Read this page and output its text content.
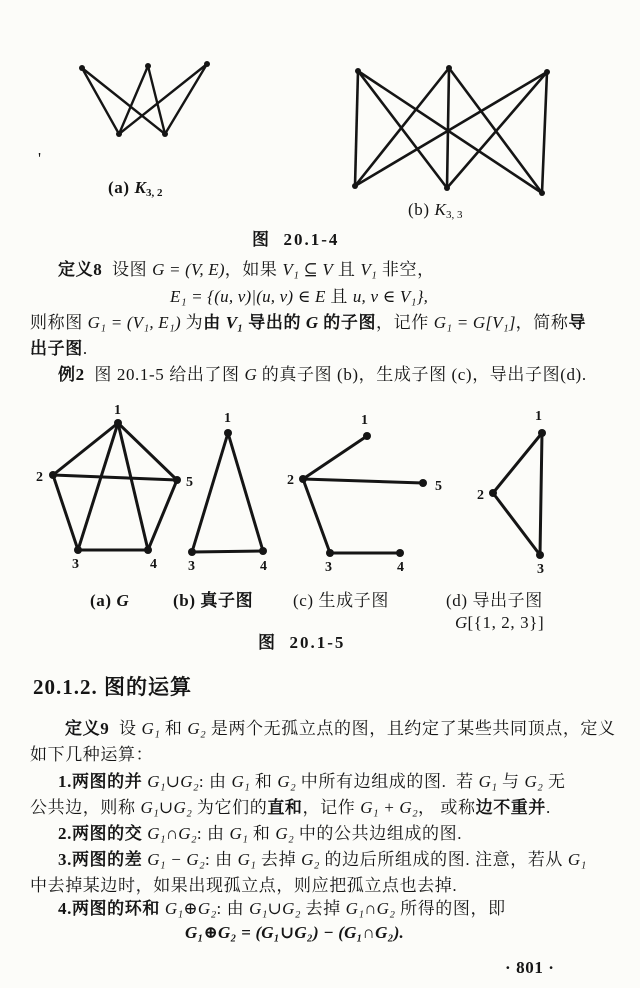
1
2	5
3	4
1
3	4
1
2	5
3	4
1
2
3
'
(a) K3, 2
(b) K3, 3
图  20.1-4
定义8  设图 G = (V, E)，如果 V₁ ⊆ V 且 V₁ 非空，
E₁ = {(u, v)|(u, v) ∈ E 且 u, v ∈ V₁},
则称图 G₁ = (V₁, E₁) 为由 V₁ 导出的 G 的子图，记作 G₁ = G[V₁]，简称导
出子图.
例2  图 20.1-5 给出了图 G 的真子图 (b)，生成子图 (c)，导出子图(d).
(a) G	(b) 真子图 (c) 生成子图	(d) 导出子图
G[{1, 2, 3}]
图  20.1-5
20.1.2. 图的运算
定义9  设 G₁ 和 G₂ 是两个无孤立点的图，且约定了某些共同顶点，定义
如下几种运算：
1.两图的并 G₁∪G₂: 由 G₁ 和 G₂ 中所有边组成的图.  若 G₁ 与 G₂ 无
公共边，则称 G₁∪G₂ 为它们的直和，记作 G₁ + G₂， 或称边不重并.
2.两图的交 G₁∩G₂: 由 G₁ 和 G₂ 中的公共边组成的图.
3.两图的差 G₁ − G₂: 由 G₁ 去掉 G₂ 的边后所组成的图. 注意，若从 G₁
中去掉某边时，如果出现孤立点，则应把孤立点也去掉.
4.两图的环和 G₁⊕G₂: 由 G₁∪G₂ 去掉 G₁∩G₂ 所得的图，即
G₁⊕G₂ = (G₁∪G₂) − (G₁∩G₂).
· 801 ·
